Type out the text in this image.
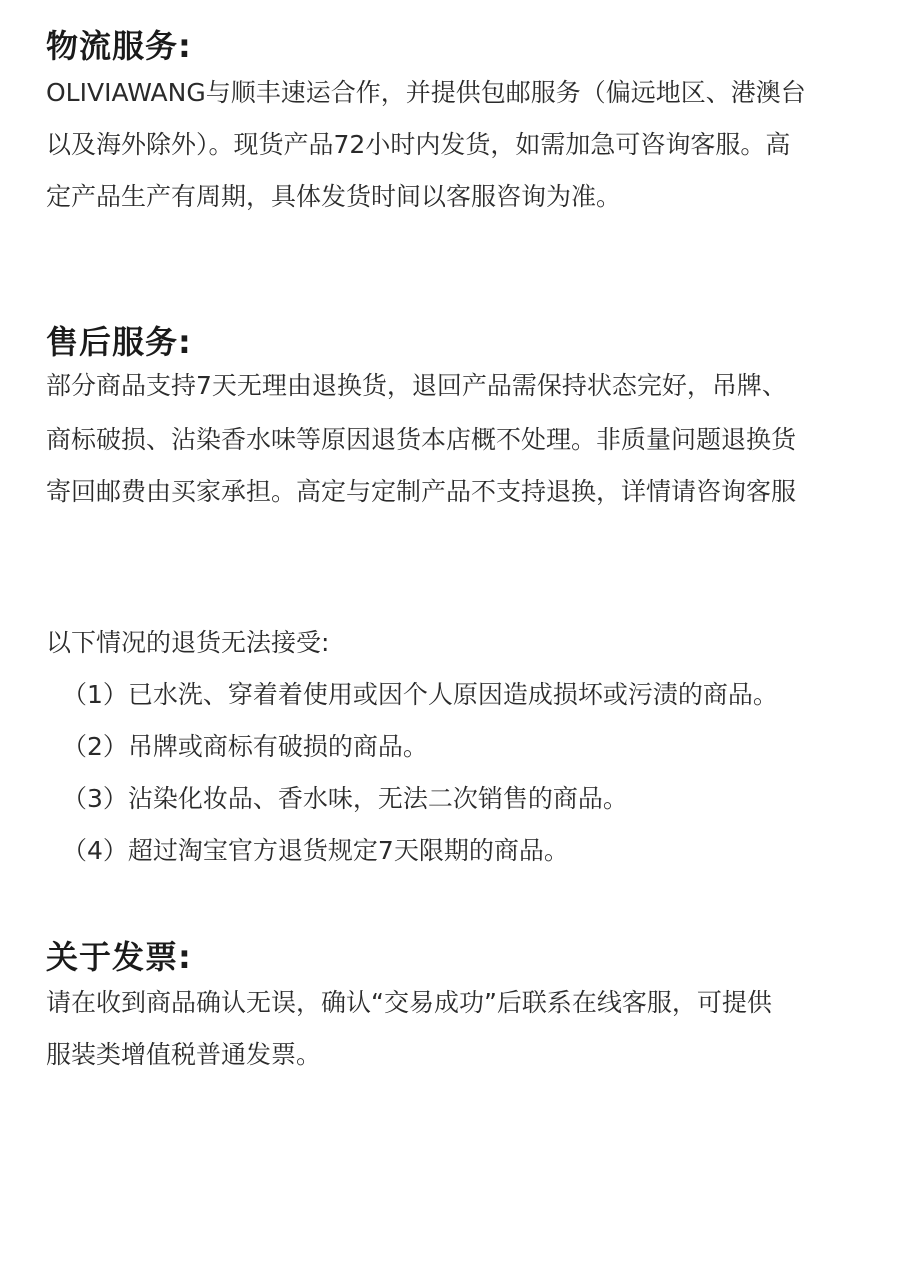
物流服务:
OLIVIAWANG与顺丰速运合作，并提供包邮服务（偏远地区、港澳台
以及海外除外）。现货产品72小时内发货，如需加急可咨询客服。高
定产品生产有周期，具体发货时间以客服咨询为准。
售后服务:
部分商品支持7天无理由退换货，退回产品需保持状态完好，吊牌、
商标破损、沾染香水味等原因退货本店概不处理。非质量问题退换货
寄回邮费由买家承担。高定与定制产品不支持退换，详情请咨询客服

以下情况的退货无法接受:

（1）已水洗、穿着着使用或因个人原因造成损坏或污渍的商品。

（2）吊牌或商标有破损的商品。

（3）沾染化妆品、香水味，无法二次销售的商品。

（4）超过淘宝官方退货规定7天限期的商品。

关于发票:
请在收到商品确认无误，确认“交易成功”后联系在线客服，可提供
服装类增值税普通发票。
